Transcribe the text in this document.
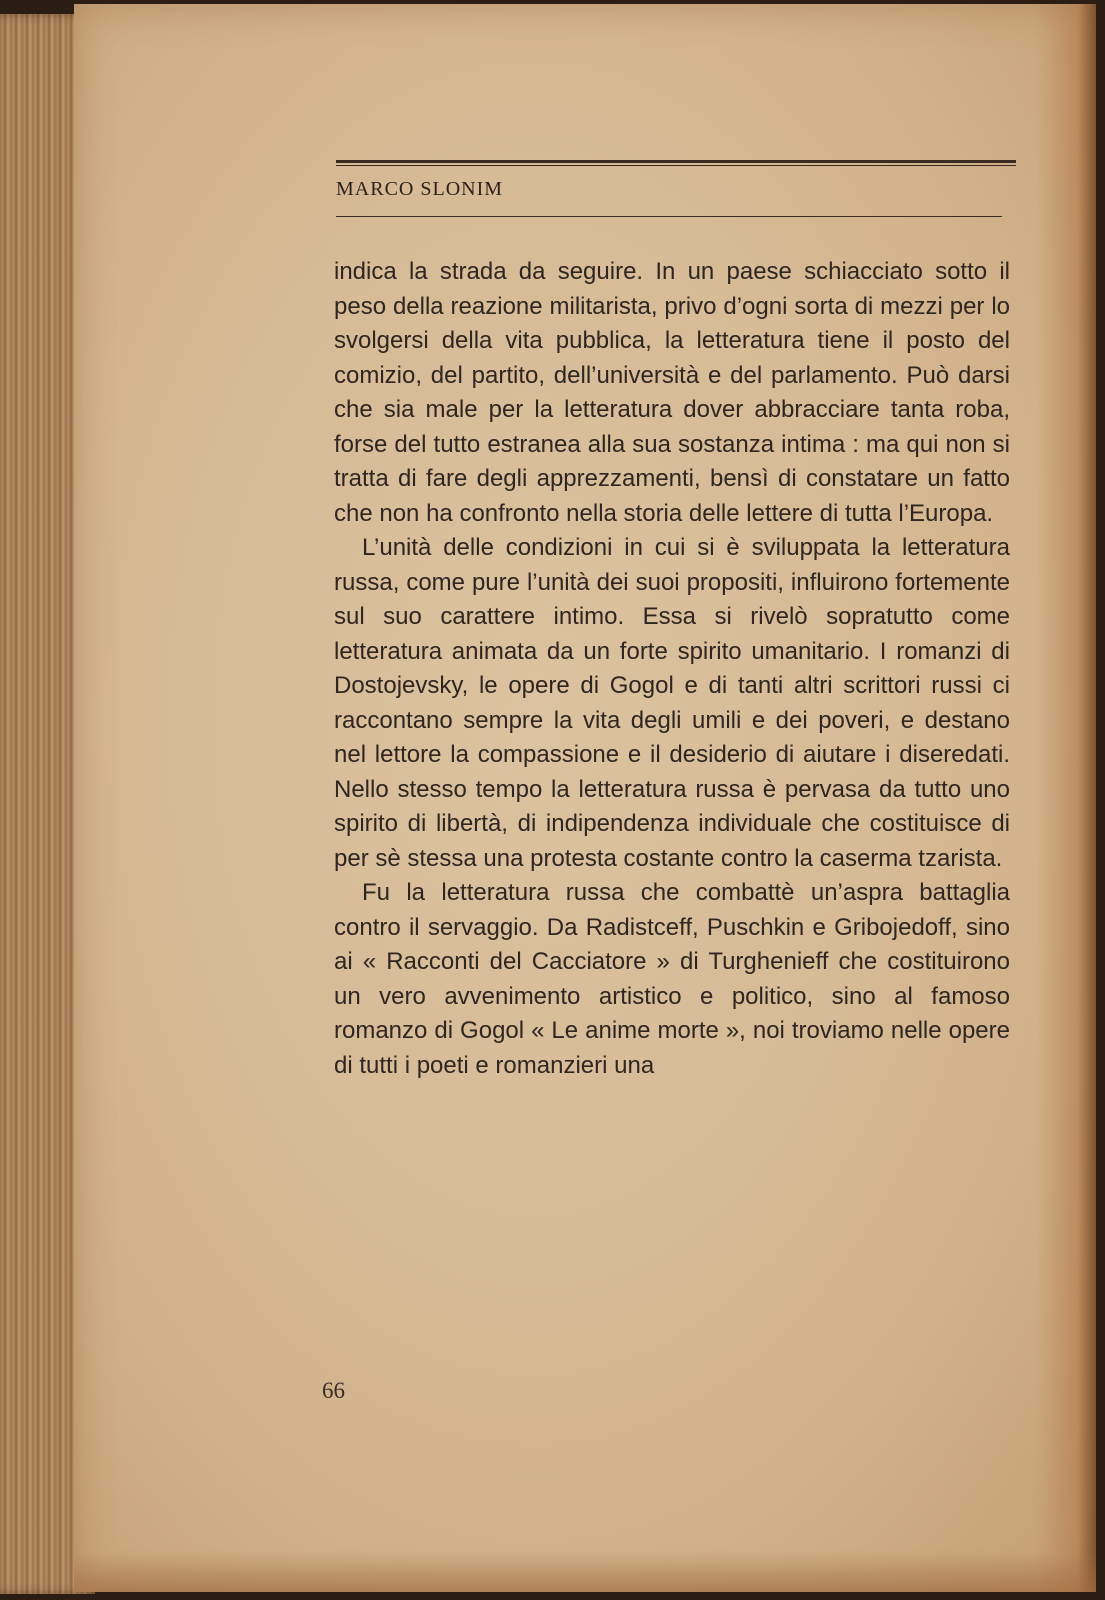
MARCO SLONIM

indica la strada da seguire. In un paese schiacciato sotto il peso della reazione militarista, privo d’ogni sorta di mezzi per lo svolgersi della vita pubblica, la letteratura tiene il posto del comizio, del partito, dell’università e del parlamento. Può darsi che sia male per la letteratura dover abbracciare tanta roba, forse del tutto estranea alla sua sostanza intima : ma qui non si tratta di fare degli apprezzamenti, bensì di constatare un fatto che non ha confronto nella storia delle lettere di tutta l’Europa.

L’unità delle condizioni in cui si è sviluppata la letteratura russa, come pure l’unità dei suoi propositi, influirono fortemente sul suo carattere intimo. Essa si rivelò sopratutto come letteratura animata da un forte spirito umanitario. I romanzi di Dostojevsky, le opere di Gogol e di tanti altri scrittori russi ci raccontano sempre la vita degli umili e dei poveri, e destano nel lettore la compassione e il desiderio di aiutare i diseredati. Nello stesso tempo la letteratura russa è pervasa da tutto uno spirito di libertà, di indipendenza individuale che costituisce di per sè stessa una protesta costante contro la caserma tzarista.

Fu la letteratura russa che combattè un’aspra battaglia contro il servaggio. Da Radistceff, Puschkin e Gribojedoff, sino ai « Racconti del Cacciatore » di Turghenieff che costituirono un vero avvenimento artistico e politico, sino al famoso romanzo di Gogol « Le anime morte », noi troviamo nelle opere di tutti i poeti e romanzieri una

66
